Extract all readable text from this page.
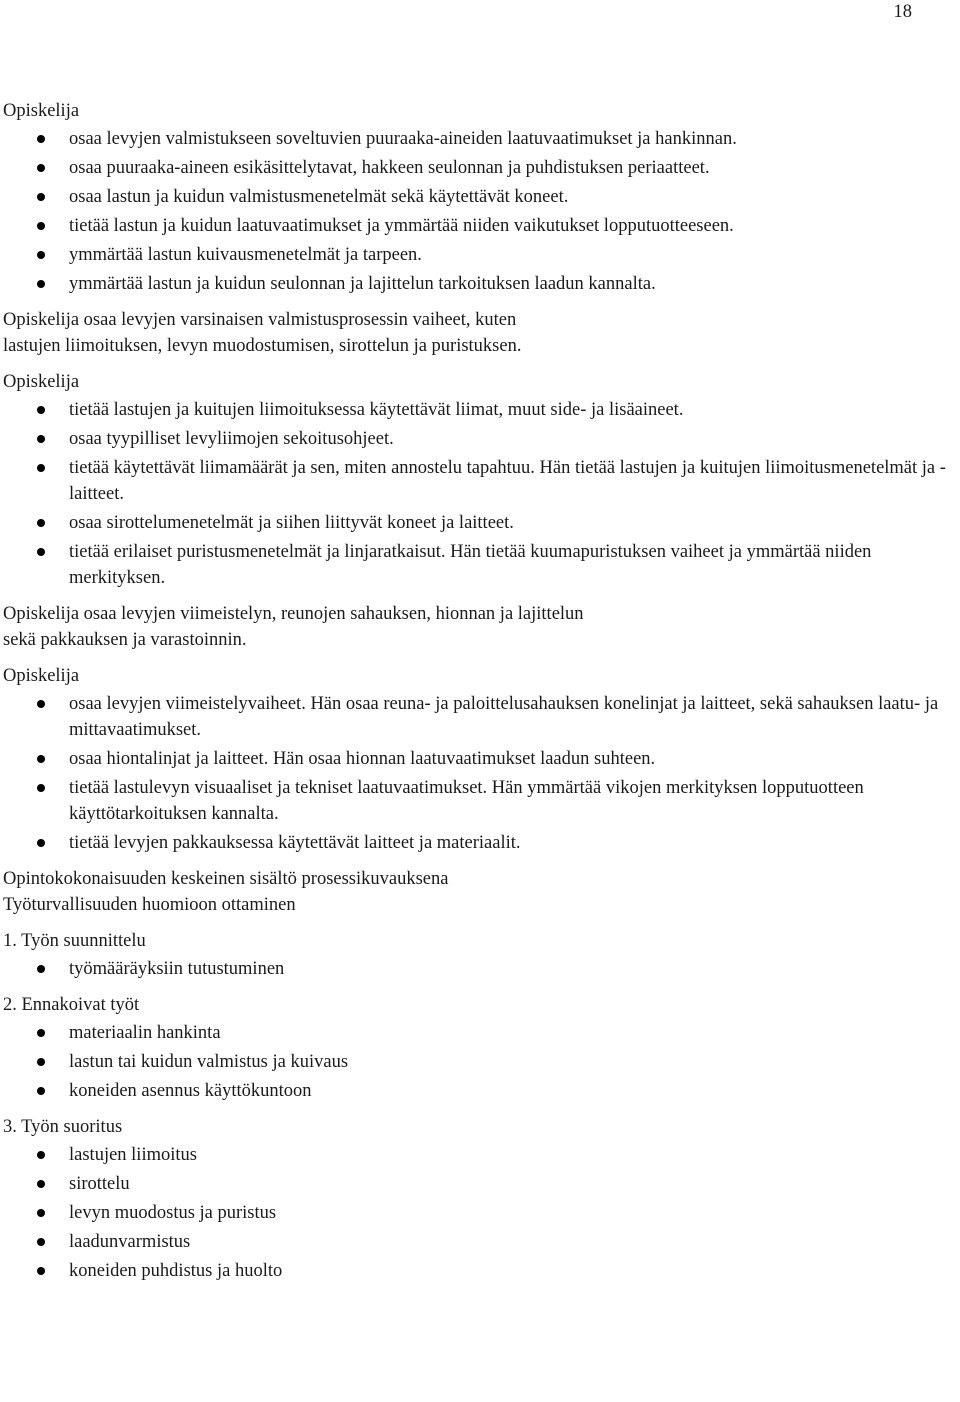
18
Opiskelija
osaa levyjen valmistukseen soveltuvien puuraaka-aineiden laatuvaatimukset ja hankinnan.
osaa puuraaka-aineen esikäsittelytavat, hakkeen seulonnan ja puhdistuksen periaatteet.
osaa lastun ja kuidun valmistusmenetelmät sekä käytettävät koneet.
tietää lastun ja kuidun laatuvaatimukset ja ymmärtää niiden vaikutukset lopputuotteeseen.
ymmärtää lastun kuivausmenetelmät ja tarpeen.
ymmärtää lastun ja kuidun seulonnan ja lajittelun tarkoituksen laadun kannalta.
Opiskelija osaa levyjen varsinaisen valmistusprosessin vaiheet, kuten
lastujen liimoituksen, levyn muodostumisen, sirottelun ja puristuksen.
Opiskelija
tietää lastujen ja kuitujen liimoituksessa käytettävät liimat, muut side- ja lisäaineet.
osaa tyypilliset levyliimojen sekoitusohjeet.
tietää käytettävät liimamäärät ja sen, miten annostelu tapahtuu. Hän tietää lastujen ja kuitujen liimoitusmenetelmät ja -laitteet.
osaa sirottelumenetelmät ja siihen liittyvät koneet ja laitteet.
tietää erilaiset puristusmenetelmät ja linjaratkaisut. Hän tietää kuumapuristuksen vaiheet ja ymmärtää niiden merkityksen.
Opiskelija osaa levyjen viimeistelyn, reunojen sahauksen, hionnan ja lajittelun
sekä pakkauksen ja varastoinnin.
Opiskelija
osaa levyjen viimeistelyvaiheet. Hän osaa reuna- ja paloittelusahauksen konelinjat ja laitteet, sekä sahauksen laatu- ja mittavaatimukset.
osaa hiontalinjat ja laitteet. Hän osaa hionnan laatuvaatimukset laadun suhteen.
tietää lastulevyn visuaaliset ja tekniset laatuvaatimukset. Hän ymmärtää vikojen merkityksen lopputuotteen käyttötarkoituksen kannalta.
tietää levyjen pakkauksessa käytettävät laitteet ja materiaalit.
Opintokokonaisuuden keskeinen sisältö prosessikuvauksena
Työturvallisuuden huomioon ottaminen
1. Työn suunnittelu
työmääräyksiin tutustuminen
2. Ennakoivat työt
materiaalin hankinta
lastun tai kuidun valmistus ja kuivaus
koneiden asennus käyttökuntoon
3. Työn suoritus
lastujen liimoitus
sirottelu
levyn muodostus ja puristus
laadunvarmistus
koneiden puhdistus ja huolto
